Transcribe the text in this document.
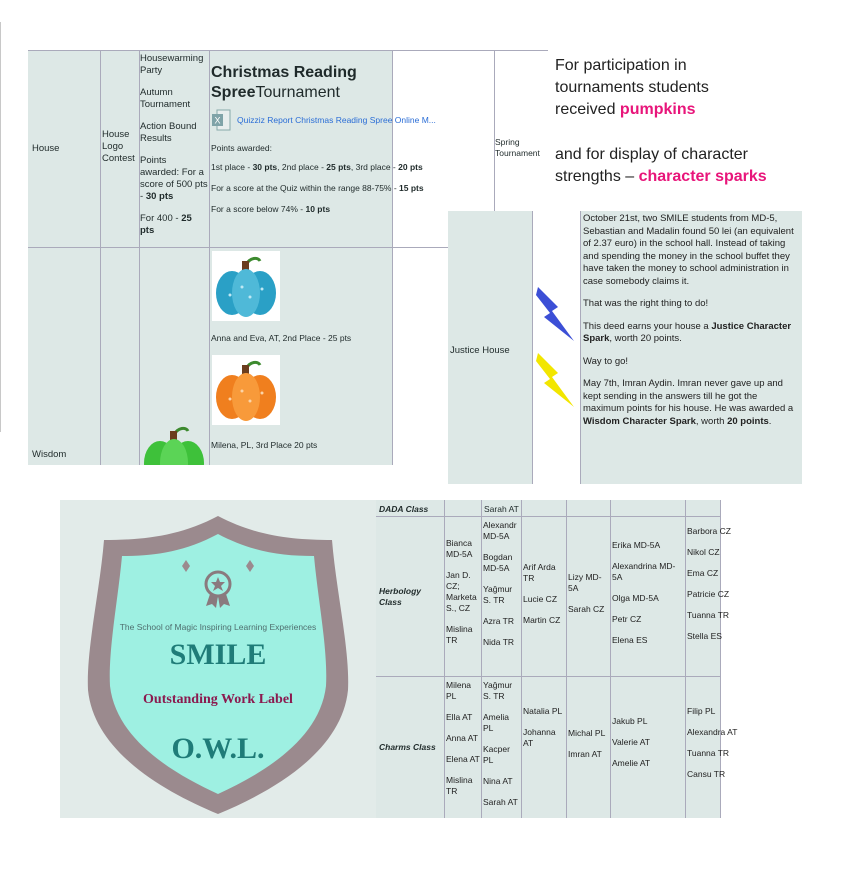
House
House Logo Contest
Housewarming Party
Autumn Tournament
Action Bound Results
Points awarded: For a score of 500 pts - 30 pts
For 400 - 25 pts
Christmas Reading SpreeTournament
X Quizziz Report Christmas Reading Spree Online M...
Points awarded:
1st place - 30 pts, 2nd place - 25 pts, 3rd place - 20 pts
For a score at the Quiz within the range 88-75% - 15 pts
For a score below 74% - 10 pts
Spring Tournament
Anna and Eva, AT, 2nd Place - 25 pts
Milena, PL, 3rd Place 20 pts
Wisdom
For participation in tournaments students received pumpkins
and for display of character strengths – character sparks
Justice House
October 21st, two SMILE students from MD-5, Sebastian and Madalin found 50 lei (an equivalent of 2.37 euro) in the school hall. Instead of taking and spending the money in the school buffet they have taken the money to school administration in case somebody claims it.
That was the right thing to do!
This deed earns your house a Justice Character Spark, worth 20 points.
Way to go!
May 7th, Imran Aydin. Imran never gave up and kept sending in the answers till he got the maximum points for his house. He was awarded a Wisdom Character Spark, worth 20 points.
The School of Magic Inspiring Learning Experiences
SMILE
Outstanding Work Label
O.W.L.
DADA Class	Sarah AT
Herbology Class
Charms Class
Bianca MD-5A
Jan D. CZ; Marketa S., CZ
Mislina TR
Alexandr MD-5A
Bogdan MD-5A
Yağmur S. TR
Azra TR
Nida TR
Arif Arda TR
Lucie CZ
Martin CZ
Lizy MD-5A
Sarah CZ
Erika MD-5A
Alexandrina MD-5A
Olga MD-5A
Petr CZ
Elena ES
Barbora CZ
Nikol CZ
Ema CZ
Patricie CZ
Tuanna TR
Stella ES
Milena PL
Ella AT
Anna AT
Elena AT
Mislina TR
Yağmur S. TR
Amelia PL
Kacper PL
Nina AT
Sarah AT
Natalia PL
Johanna AT
Michal PL
Imran AT
Jakub PL
Valerie AT
Amelie AT
Filip PL
Alexandra AT
Tuanna TR
Cansu TR
